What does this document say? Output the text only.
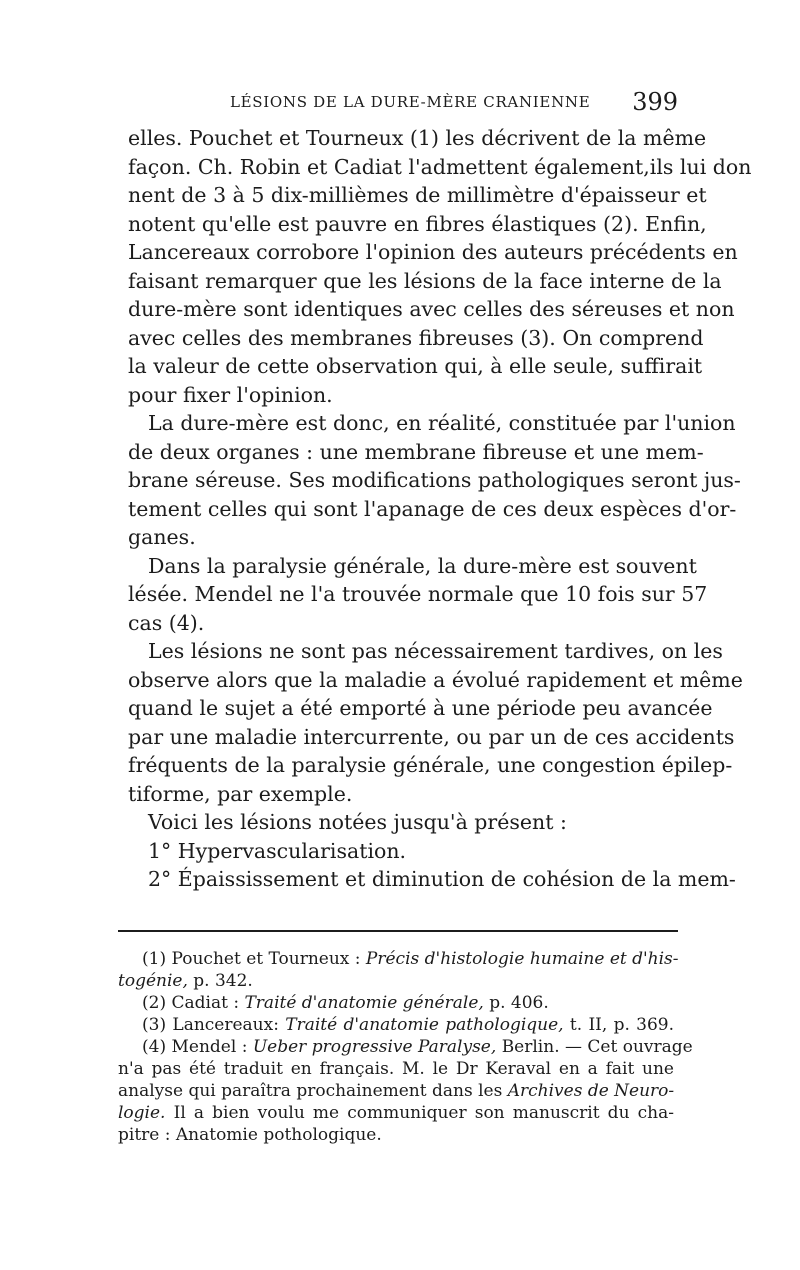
LÉSIONS DE LA DURE-MÈRE CRANIENNE 399
elles. Pouchet et Tourneux (1) les décrivent de la même
façon. Ch. Robin et Cadiat l'admettent également,ils lui don
nent de 3 à 5 dix-millièmes de millimètre d'épaisseur et
notent qu'elle est pauvre en fibres élastiques (2). Enfin,
Lancereaux corrobore l'opinion des auteurs précédents en
faisant remarquer que les lésions de la face interne de la
dure-mère sont identiques avec celles des séreuses et non
avec celles des membranes fibreuses (3). On comprend
la valeur de cette observation qui, à elle seule, suffirait
pour fixer l'opinion.
La dure-mère est donc, en réalité, constituée par l'union
de deux organes : une membrane fibreuse et une mem-
brane séreuse. Ses modifications pathologiques seront jus-
tement celles qui sont l'apanage de ces deux espèces d'or-
ganes.
Dans la paralysie générale, la dure-mère est souvent
lésée. Mendel ne l'a trouvée normale que 10 fois sur 57
cas (4).
Les lésions ne sont pas nécessairement tardives, on les
observe alors que la maladie a évolué rapidement et même
quand le sujet a été emporté à une période peu avancée
par une maladie intercurrente, ou par un de ces accidents
fréquents de la paralysie générale, une congestion épilep-
tiforme, par exemple.
Voici les lésions notées jusqu'à présent :
1° Hypervascularisation.
2° Épaississement et diminution de cohésion de la mem-
(1) Pouchet et Tourneux : Précis d'histologie humaine et d'his-
togénie, p. 342.
(2) Cadiat : Traité d'anatomie générale, p. 406.
(3) Lancereaux: Traité d'anatomie pathologique, t. II, p. 369.
(4) Mendel : Ueber progressive Paralyse, Berlin. — Cet ouvrage
n'a pas été traduit en français. M. le Dr Keraval en a fait une
analyse qui paraîtra prochainement dans les Archives de Neuro-
logie. Il a bien voulu me communiquer son manuscrit du cha-
pitre : Anatomie pothologique.
